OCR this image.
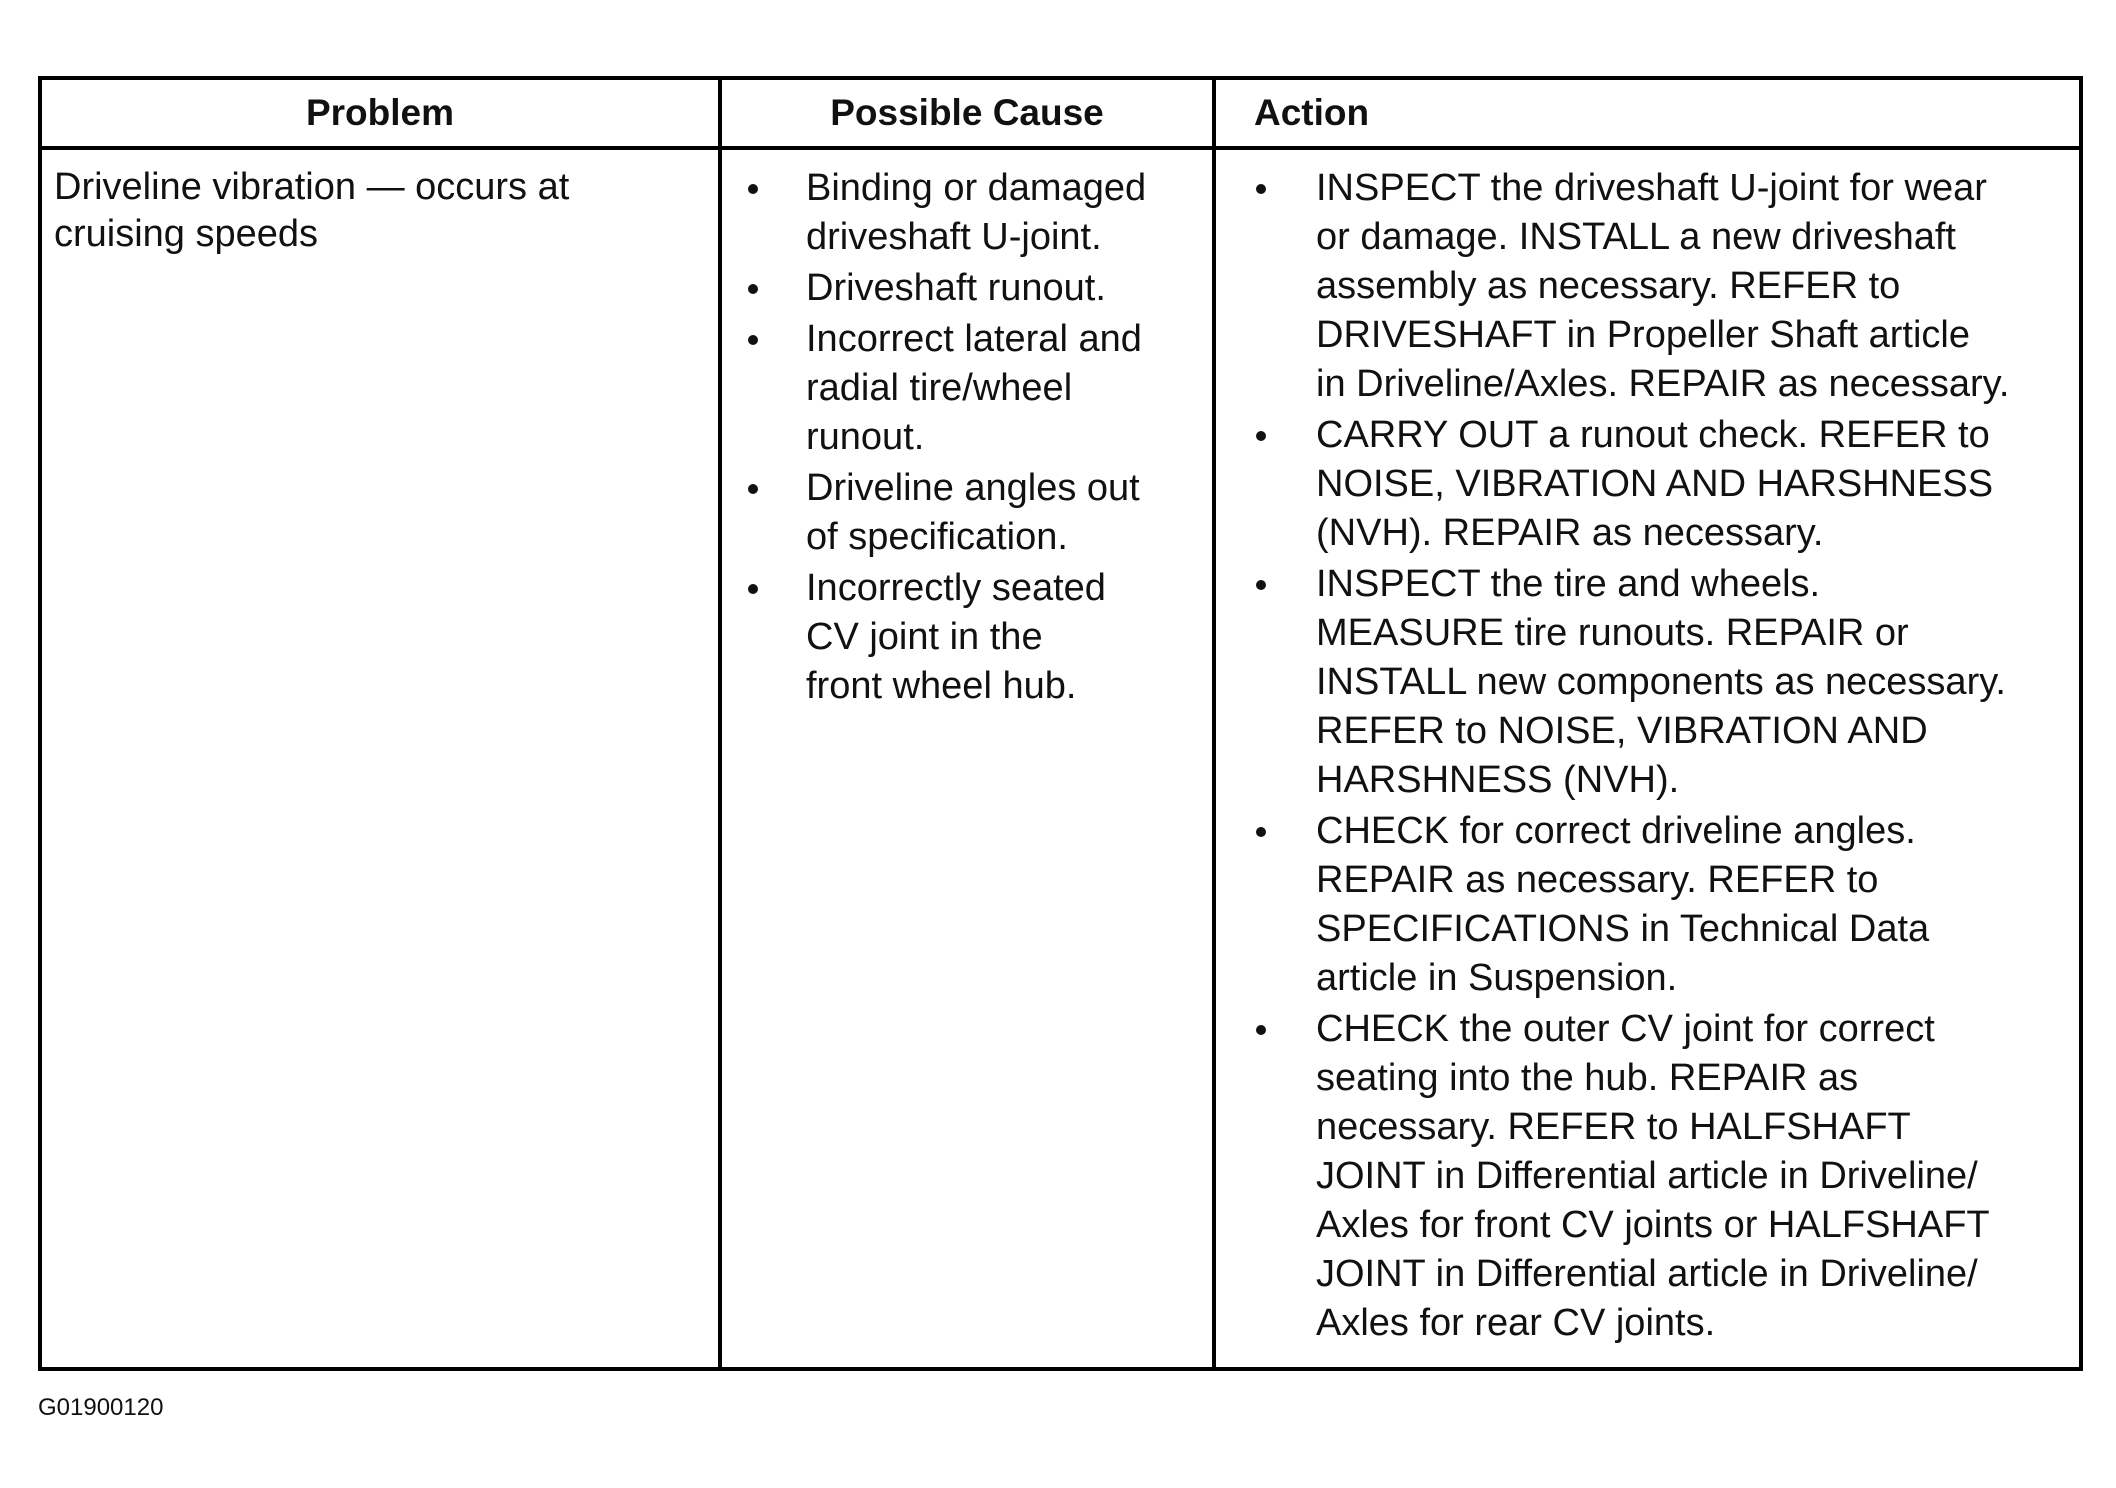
Problem	Possible Cause	Action
Driveline vibration — occurs at
cruising speeds
Binding or damaged
driveshaft U-joint.
Driveshaft runout.
Incorrect lateral and
radial tire/wheel
runout.
Driveline angles out
of specification.
Incorrectly seated
CV joint in the
front wheel hub.
INSPECT the driveshaft U-joint for wear
or damage. INSTALL a new driveshaft
assembly as necessary. REFER to
DRIVESHAFT in Propeller Shaft article
in Driveline/Axles. REPAIR as necessary.
CARRY OUT a runout check. REFER to
NOISE, VIBRATION AND HARSHNESS
(NVH). REPAIR as necessary.
INSPECT the tire and wheels.
MEASURE tire runouts. REPAIR or
INSTALL new components as necessary.
REFER to NOISE, VIBRATION AND
HARSHNESS (NVH).
CHECK for correct driveline angles.
REPAIR as necessary. REFER to
SPECIFICATIONS in Technical Data
article in Suspension.
CHECK the outer CV joint for correct
seating into the hub. REPAIR as
necessary. REFER to HALFSHAFT
JOINT in Differential article in Driveline/
Axles for front CV joints or HALFSHAFT
JOINT in Differential article in Driveline/
Axles for rear CV joints.
G01900120
